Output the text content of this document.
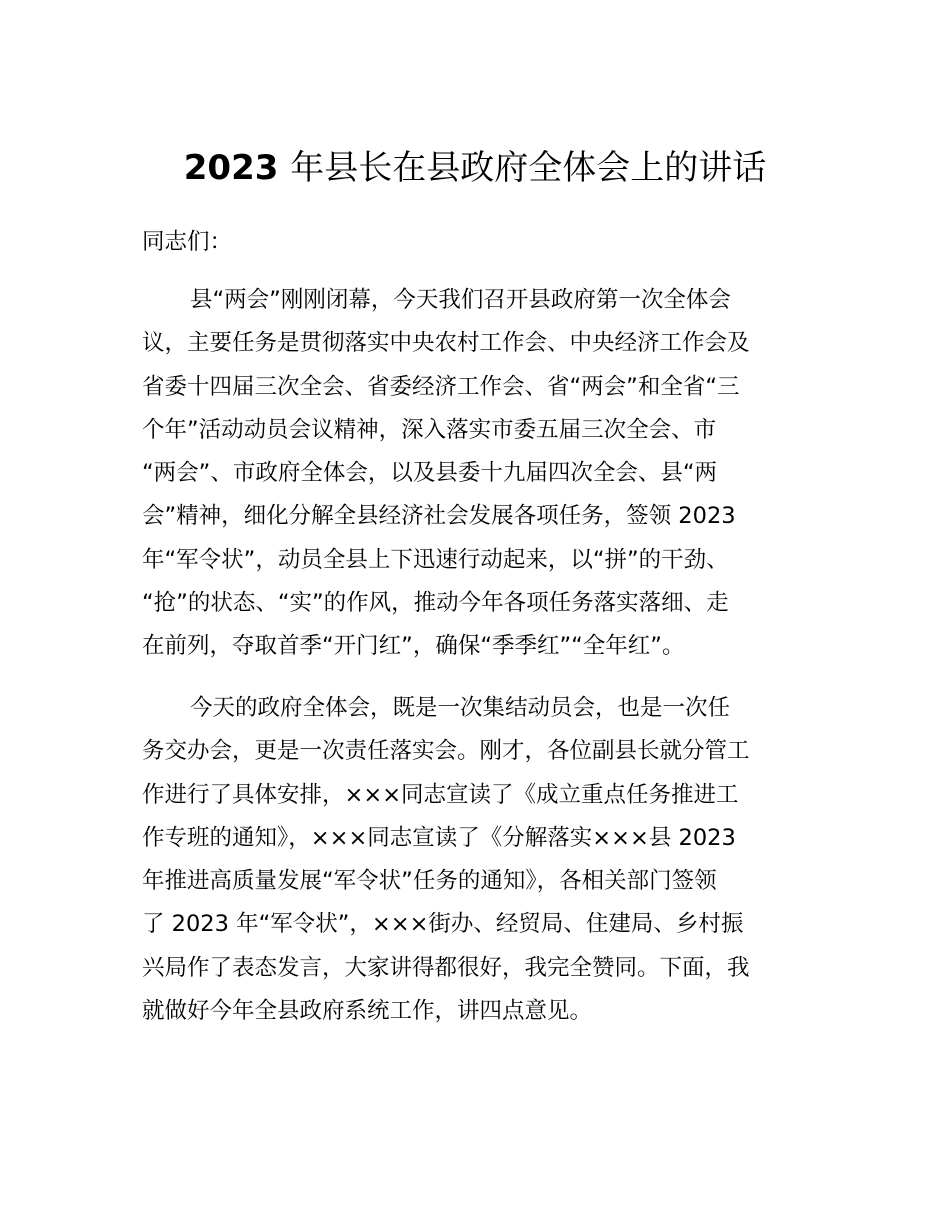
2023 年县长在县政府全体会上的讲话
同志们：
县“两会”刚刚闭幕，今天我们召开县政府第一次全体会
议，主要任务是贯彻落实中央农村工作会、中央经济工作会及
省委十四届三次全会、省委经济工作会、省“两会”和全省“三
个年”活动动员会议精神，深入落实市委五届三次全会、市
“两会”、市政府全体会，以及县委十九届四次全会、县“两
会”精神，细化分解全县经济社会发展各项任务，签领 2023
年“军令状”，动员全县上下迅速行动起来，以“拼”的干劲、
“抢”的状态、“实”的作风，推动今年各项任务落实落细、走
在前列，夺取首季“开门红”，确保“季季红”“全年红”。
今天的政府全体会，既是一次集结动员会，也是一次任
务交办会，更是一次责任落实会。刚才，各位副县长就分管工
作进行了具体安排，×××同志宣读了《成立重点任务推进工
作专班的通知》，×××同志宣读了《分解落实×××县 2023
年推进高质量发展“军令状”任务的通知》，各相关部门签领
了 2023 年“军令状”，×××街办、经贸局、住建局、乡村振
兴局作了表态发言，大家讲得都很好，我完全赞同。下面，我
就做好今年全县政府系统工作，讲四点意见。
